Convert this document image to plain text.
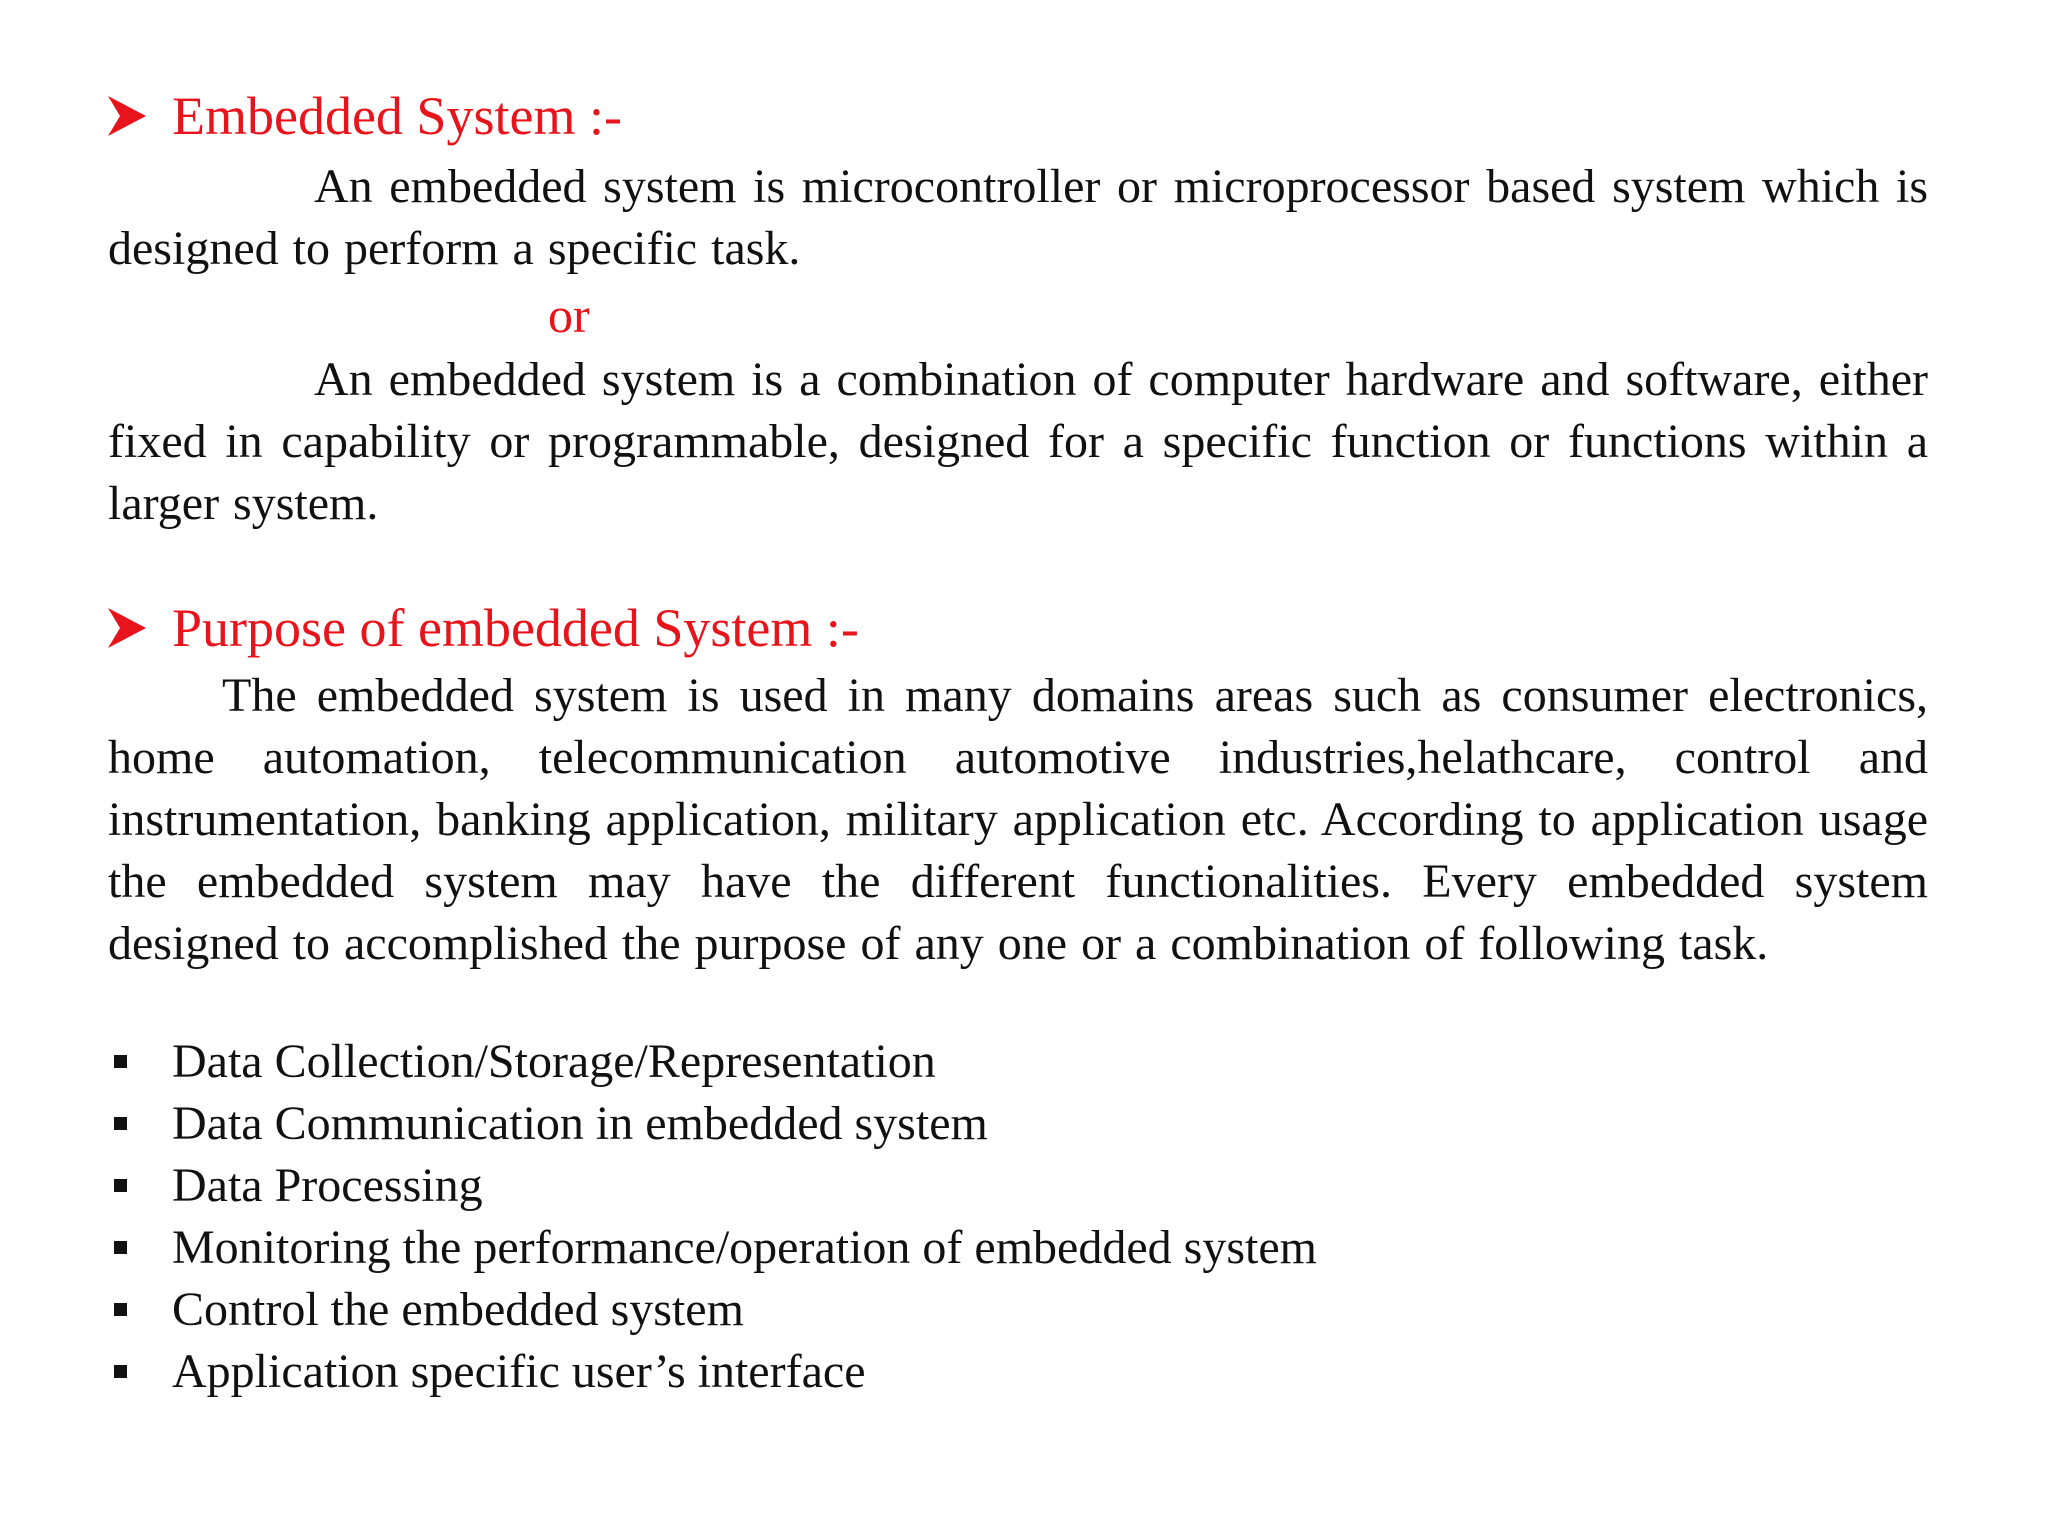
Embedded System :-
An embedded system is microcontroller or microprocessor based system which is designed to perform a specific task.
or
An embedded system is a combination of computer hardware and software, either fixed in capability or programmable, designed for a specific function or functions within a larger system.
Purpose of embedded System :-
The embedded system is used in many domains areas such as consumer electronics, home automation, telecommunication automotive industries,helathcare, control and instrumentation, banking application, military application etc. According to application usage the embedded system may have the different functionalities. Every embedded system designed to accomplished the purpose of any one or a combination of following task.
Data Collection/Storage/Representation
Data Communication in embedded system
Data Processing
Monitoring the performance/operation of embedded system
Control the embedded system
Application specific user’s interface
